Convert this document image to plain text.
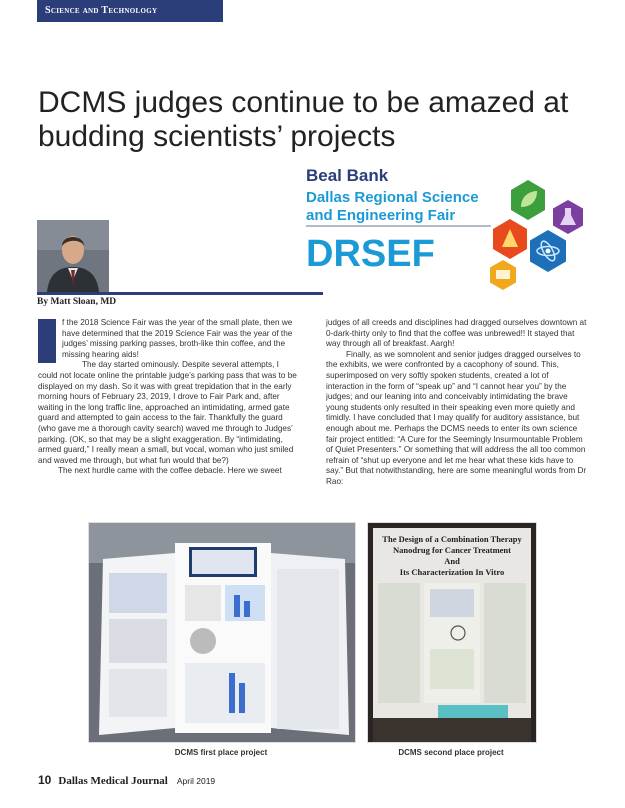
Science and Technology
DCMS judges continue to be amazed at budding scientists’ projects
Beal Bank
Dallas Regional Science
and Engineering Fair
DRSEF
By Matt Sloan, MD

f the 2018 Science Fair was the year of the small plate, then we have determined that the 2019 Science Fair was the year of the judges’ missing parking passes, broth-like thin coffee, and the missing hearing aids!

The day started ominously. Despite several attempts, I could not locate online the printable judge’s parking pass that was to be displayed on my dash. So it was with great trepidation that in the early morning hours of February 23, 2019, I drove to Fair Park and, after waiting in the long traffic line, approached an intimidating, armed gate guard and attempted to gain access to the fair. Thankfully the guard (who gave me a thorough cavity search) waved me through to Judges’ parking. (OK, so that may be a slight exaggeration. By “intimidating, armed guard,” I really mean a small, but vocal, woman who just smiled and waved me through, but what fun would that be?)

The next hurdle came with the coffee debacle. Here we sweet

judges of all creeds and disciplines had dragged ourselves downtown at 0-dark-thirty only to find that the coffee was unbrewed!! It stayed that way through all of breakfast. Aargh!

Finally, as we somnolent and senior judges dragged ourselves to the exhibits, we were confronted by a cacophony of sound. This, superimposed on very softly spoken students, created a lot of interaction in the form of “speak up” and “I cannot hear you” by the judges; and our leaning into and conceivably intimidating the brave young students only resulted in their speaking even more quietly and timidly. I have concluded that I may qualify for auditory assistance, but enough about me. Perhaps the DCMS needs to enter its own science fair project entitled: “A Cure for the Seemingly Insurmountable Problem of Quiet Presenters.” Or something that will address the all too common refrain of “shut up everyone and let me hear what these kids have to say.” But that notwithstanding, here are some meaningful words from Dr Rao:

DCMS first place project
The Design of a Combination Therapy
Nanodrug for Cancer Treatment
And
Its Characterization In Vitro
DCMS second place project
10 Dallas Medical Journal April 2019
